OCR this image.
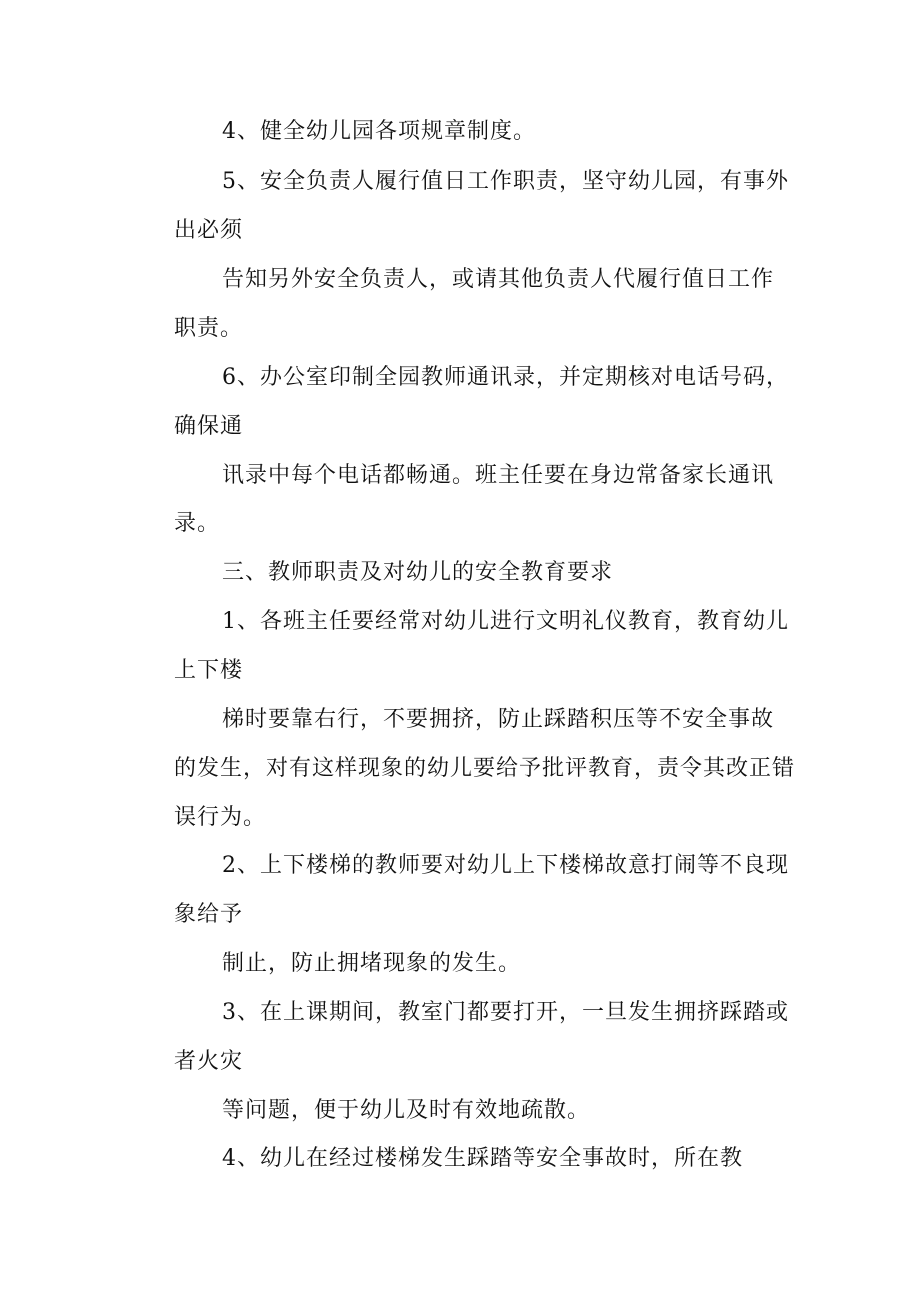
4、健全幼儿园各项规章制度。

5、安全负责人履行值日工作职责，坚守幼儿园，有事外

出必须

告知另外安全负责人，或请其他负责人代履行值日工作

职责。

6、办公室印制全园教师通讯录，并定期核对电话号码，

确保通

讯录中每个电话都畅通。班主任要在身边常备家长通讯

录。

三、教师职责及对幼儿的安全教育要求

1、各班主任要经常对幼儿进行文明礼仪教育，教育幼儿

上下楼

梯时要靠右行，不要拥挤，防止踩踏积压等不安全事故

的发生，对有这样现象的幼儿要给予批评教育，责令其改正错

误行为。

2、上下楼梯的教师要对幼儿上下楼梯故意打闹等不良现

象给予

制止，防止拥堵现象的发生。

3、在上课期间，教室门都要打开，一旦发生拥挤踩踏或

者火灾

等问题，便于幼儿及时有效地疏散。

4、幼儿在经过楼梯发生踩踏等安全事故时，所在教
